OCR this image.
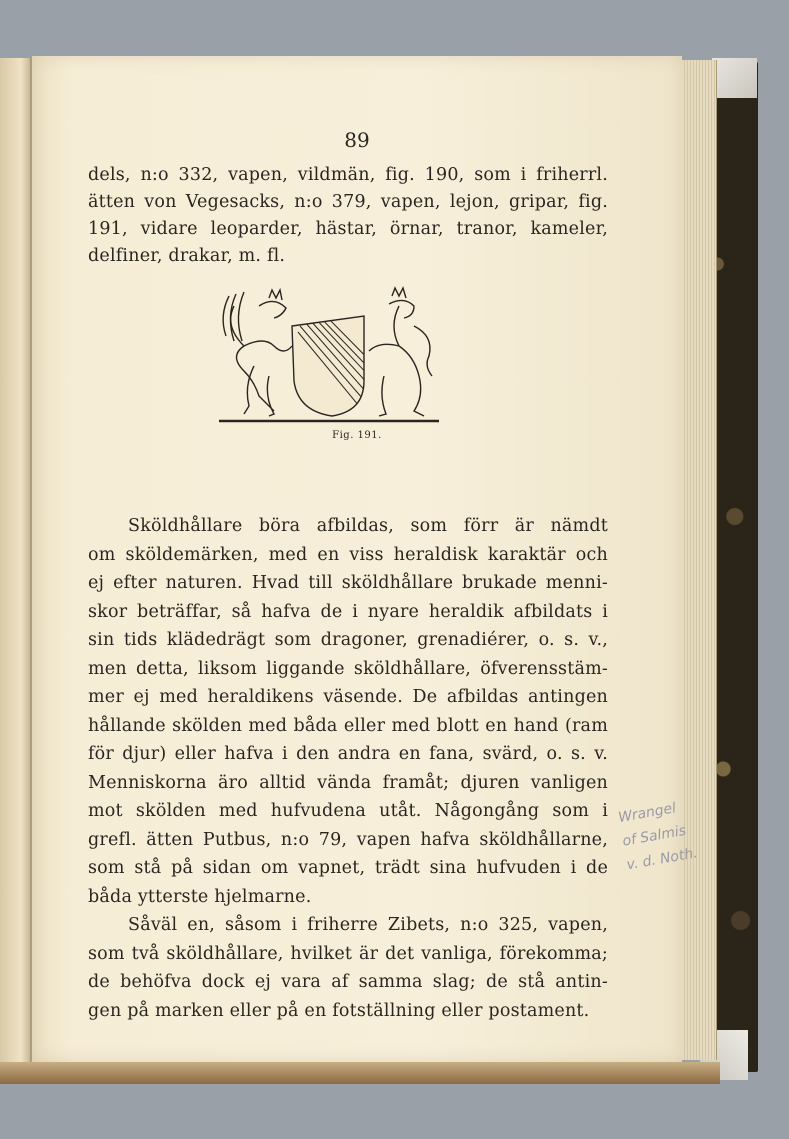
89
dels, n:o 332, vapen, vildmän, fig. 190, som i friherrl.
ätten von Vegesacks, n:o 379, vapen, lejon, gripar, fig.
191, vidare leoparder, hästar, örnar, tranor, kameler,
delfiner, drakar, m. fl.
Fig. 191.
Sköldhållare böra afbildas, som förr är nämdt
om sköldemärken, med en viss heraldisk karaktär och
ej efter naturen. Hvad till sköldhållare brukade menni-
skor beträffar, så hafva de i nyare heraldik afbildats i
sin tids klädedrägt som dragoner, grenadiérer, o. s. v.,
men detta, liksom liggande sköldhållare, öfverensstäm-
mer ej med heraldikens väsende. De afbildas antingen
hållande skölden med båda eller med blott en hand (ram
för djur) eller hafva i den andra en fana, svärd, o. s. v.
Menniskorna äro alltid vända framåt; djuren vanligen
mot skölden med hufvudena utåt. Någongång som i
grefl. ätten Putbus, n:o 79, vapen hafva sköldhållarne,
som stå på sidan om vapnet, trädt sina hufvuden i de
båda ytterste hjelmarne.
Såväl en, såsom i friherre Zibets, n:o 325, vapen,
som två sköldhållare, hvilket är det vanliga, förekomma;
de behöfva dock ej vara af samma slag; de stå antin-
gen på marken eller på en fotställning eller postament.
Wrangel
of Salmis
v. d. Noth.
